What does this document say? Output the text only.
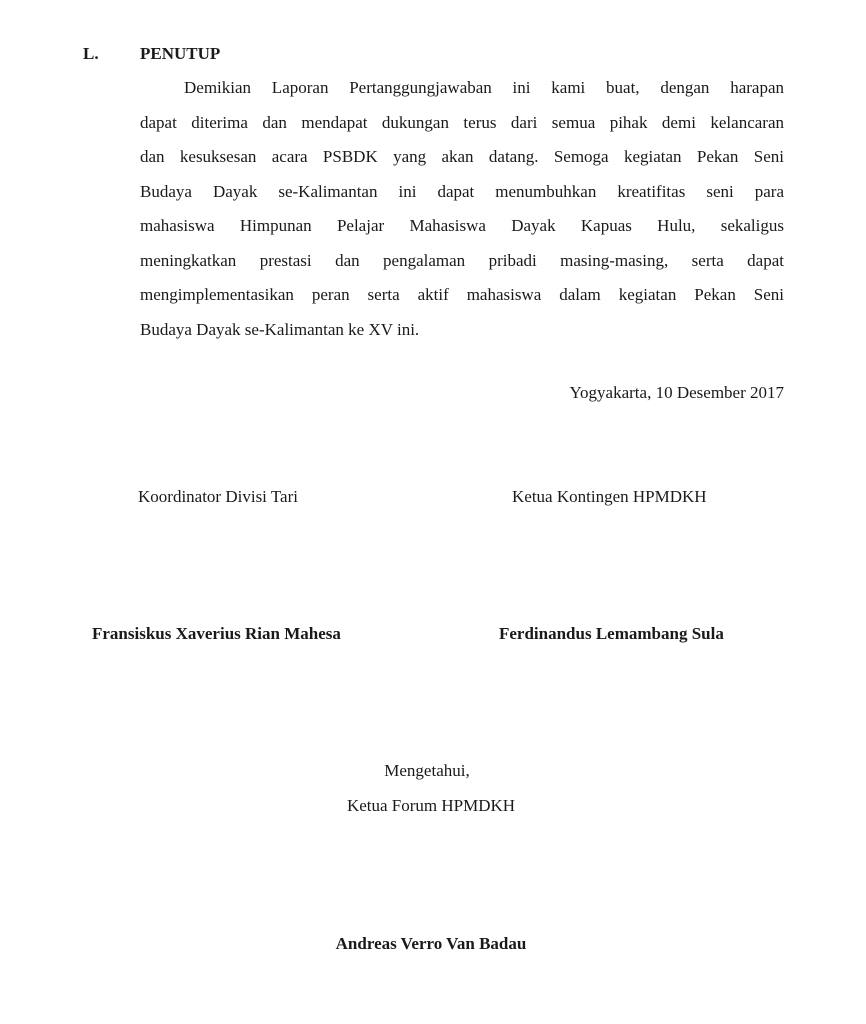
L. PENUTUP

Demikian Laporan Pertanggungjawaban ini kami buat, dengan harapan
dapat diterima dan mendapat dukungan terus dari semua pihak demi kelancaran
dan kesuksesan acara PSBDK yang akan datang. Semoga kegiatan Pekan Seni
Budaya Dayak se-Kalimantan ini dapat menumbuhkan kreatifitas seni para
mahasiswa Himpunan Pelajar Mahasiswa Dayak Kapuas Hulu, sekaligus
meningkatkan prestasi dan pengalaman pribadi masing-masing, serta dapat
mengimplementasikan peran serta aktif mahasiswa dalam kegiatan Pekan Seni
Budaya Dayak se-Kalimantan ke XV ini.

Yogyakarta, 10 Desember 2017
Koordinator Divisi Tari	Ketua Kontingen HPMDKH
Fransiskus Xaverius Rian Mahesa	Ferdinandus Lemambang Sula
Mengetahui,
Ketua Forum HPMDKH
Andreas Verro Van Badau
